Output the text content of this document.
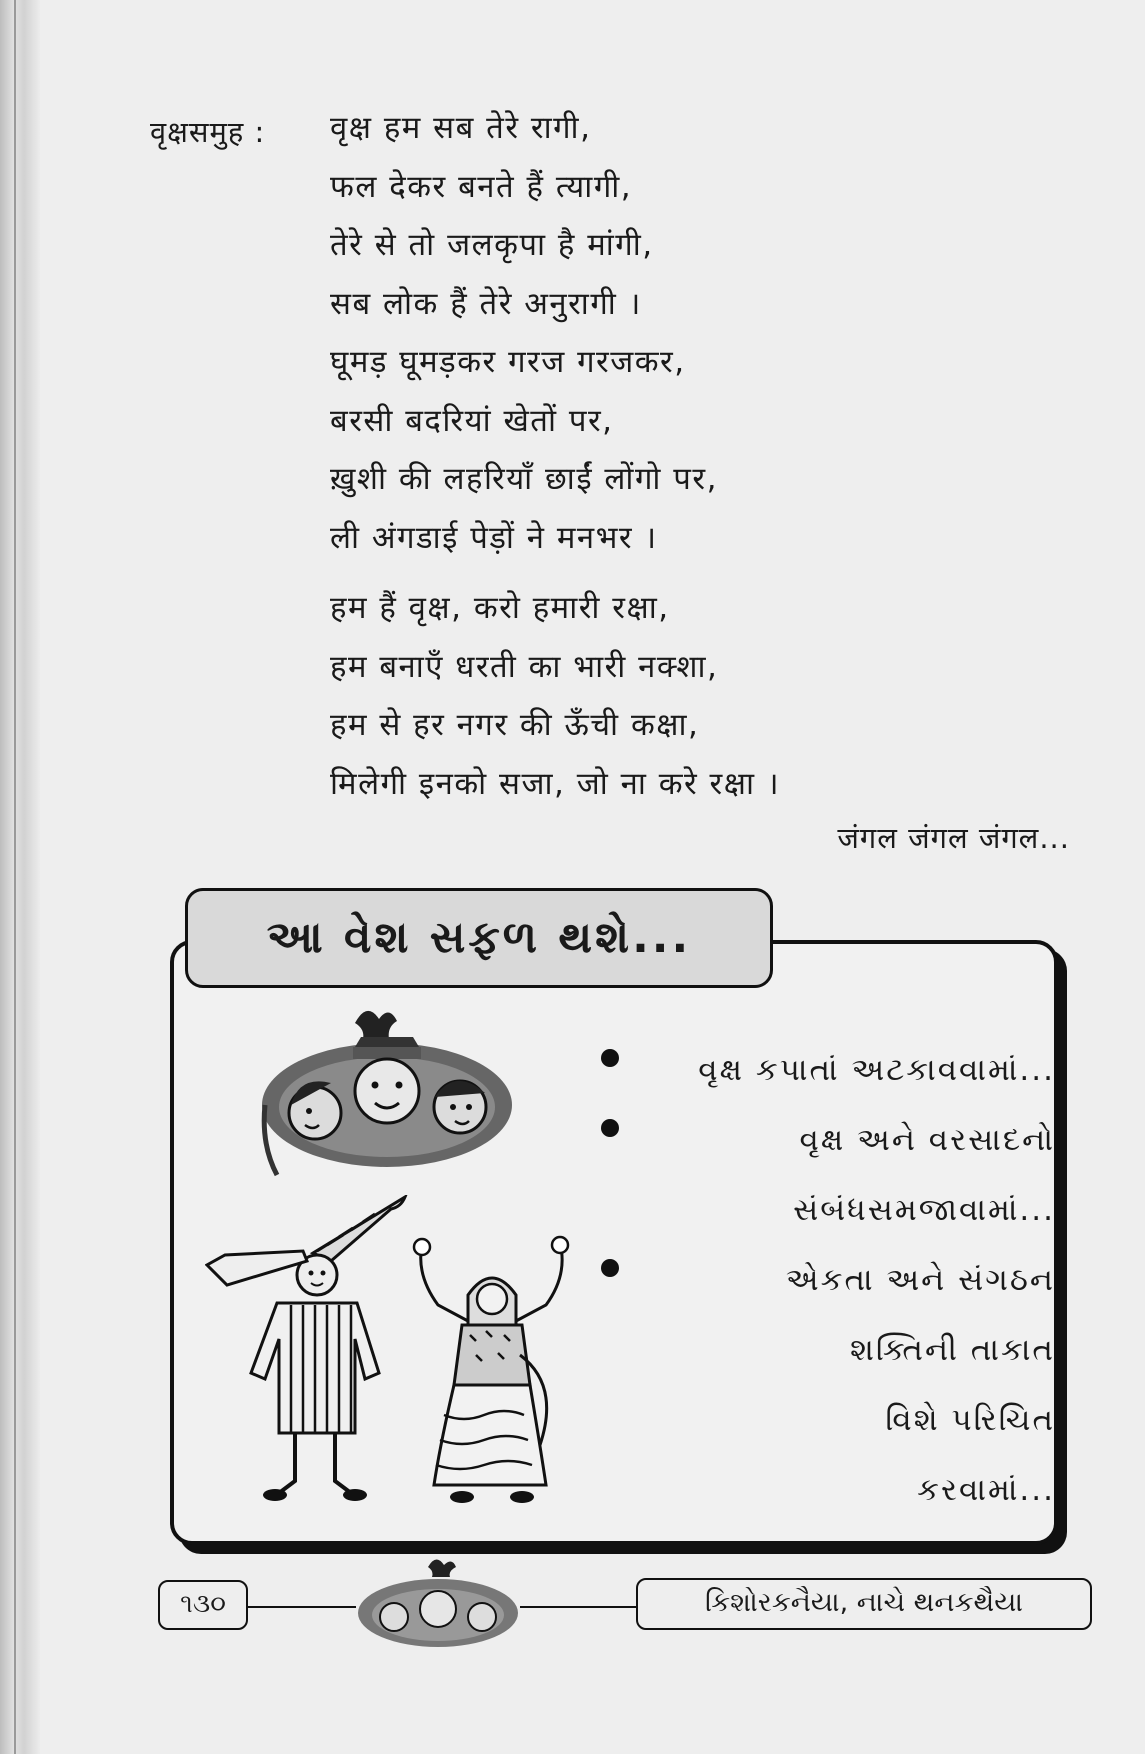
वृक्षसमुह : वृक्ष हम सब तेरे रागी,
फल देकर बनते हैं त्यागी,
तेरे से तो जलकृपा है मांगी,
सब लोक हैं तेरे अनुरागी ।
घूमड़ घूमड़कर गरज गरजकर,
बरसी बदरियां खेतों पर,
ख़ुशी की लहरियाँ छाईं लोंगो पर,
ली अंगडाई पेड़ों ने मनभर ।
हम हैं वृक्ष, करो हमारी रक्षा,
हम बनाएँ धरती का भारी नक्शा,
हम से हर नगर की ऊँची कक्षा,
मिलेगी इनको सजा, जो ना करे रक्षा ।
जंगल जंगल जंगल...
આ વેશ સફળ થશે...
વૃક્ષ કપાતાં અટકાવવામાં...
વૃક્ષ અને વરસાદનો
સંબંધસમજાવામાં...
એકતા અને સંગઠન
શક્તિની તાકાત
વિશે પરિચિત
કરવામાં...
૧૩૦	કિશોરકનૈયા, નાચે થનકથૈયા
